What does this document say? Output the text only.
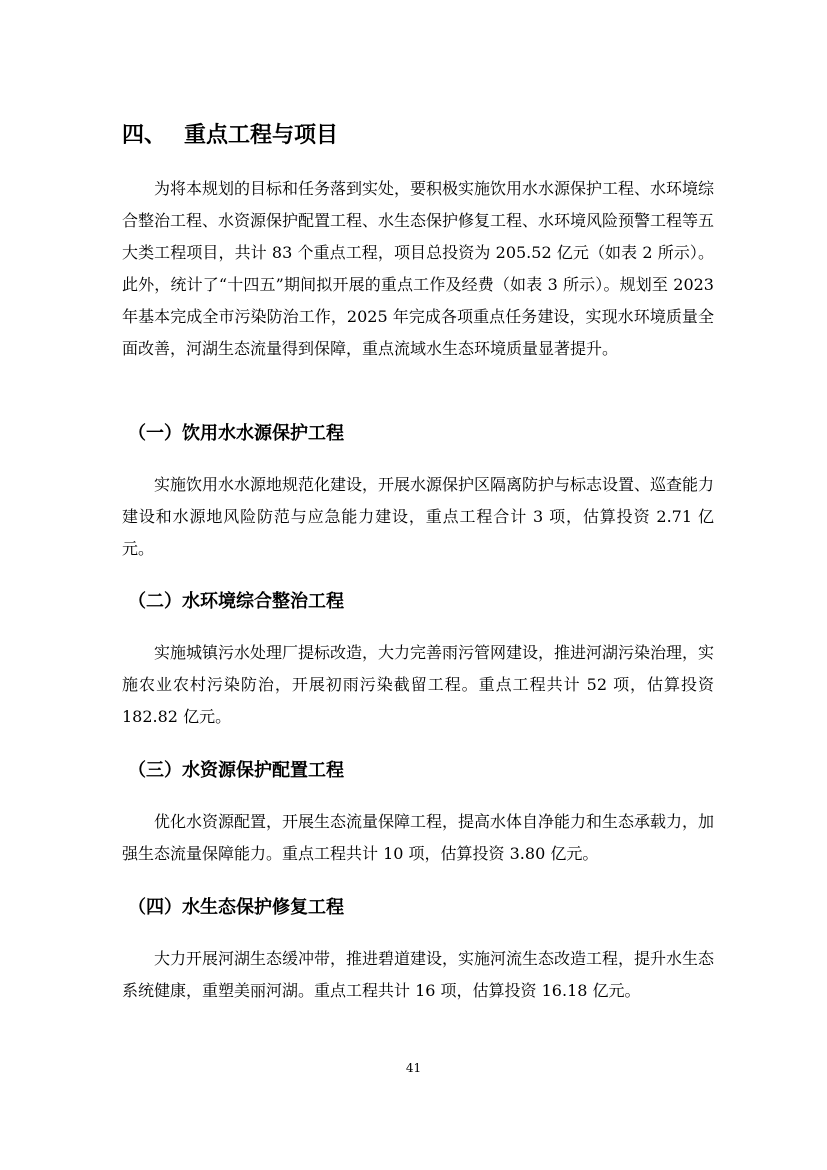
四、 重点工程与项目

为将本规划的目标和任务落到实处，要积极实施饮用水水源保护工程、水环境综合整治工程、水资源保护配置工程、水生态保护修复工程、水环境风险预警工程等五大类工程项目，共计 83 个重点工程，项目总投资为 205.52 亿元（如表 2 所示）。此外，统计了“十四五”期间拟开展的重点工作及经费（如表 3 所示）。规划至 2023 年基本完成全市污染防治工作，2025 年完成各项重点任务建设，实现水环境质量全面改善，河湖生态流量得到保障，重点流域水生态环境质量显著提升。

（一）饮用水水源保护工程

实施饮用水水源地规范化建设，开展水源保护区隔离防护与标志设置、巡查能力建设和水源地风险防范与应急能力建设，重点工程合计 3 项，估算投资 2.71 亿元。

（二）水环境综合整治工程

实施城镇污水处理厂提标改造，大力完善雨污管网建设，推进河湖污染治理，实施农业农村污染防治，开展初雨污染截留工程。重点工程共计 52 项，估算投资 182.82 亿元。

（三）水资源保护配置工程

优化水资源配置，开展生态流量保障工程，提高水体自净能力和生态承载力，加强生态流量保障能力。重点工程共计 10 项，估算投资 3.80 亿元。

（四）水生态保护修复工程

大力开展河湖生态缓冲带，推进碧道建设，实施河流生态改造工程，提升水生态系统健康，重塑美丽河湖。重点工程共计 16 项，估算投资 16.18 亿元。

41
